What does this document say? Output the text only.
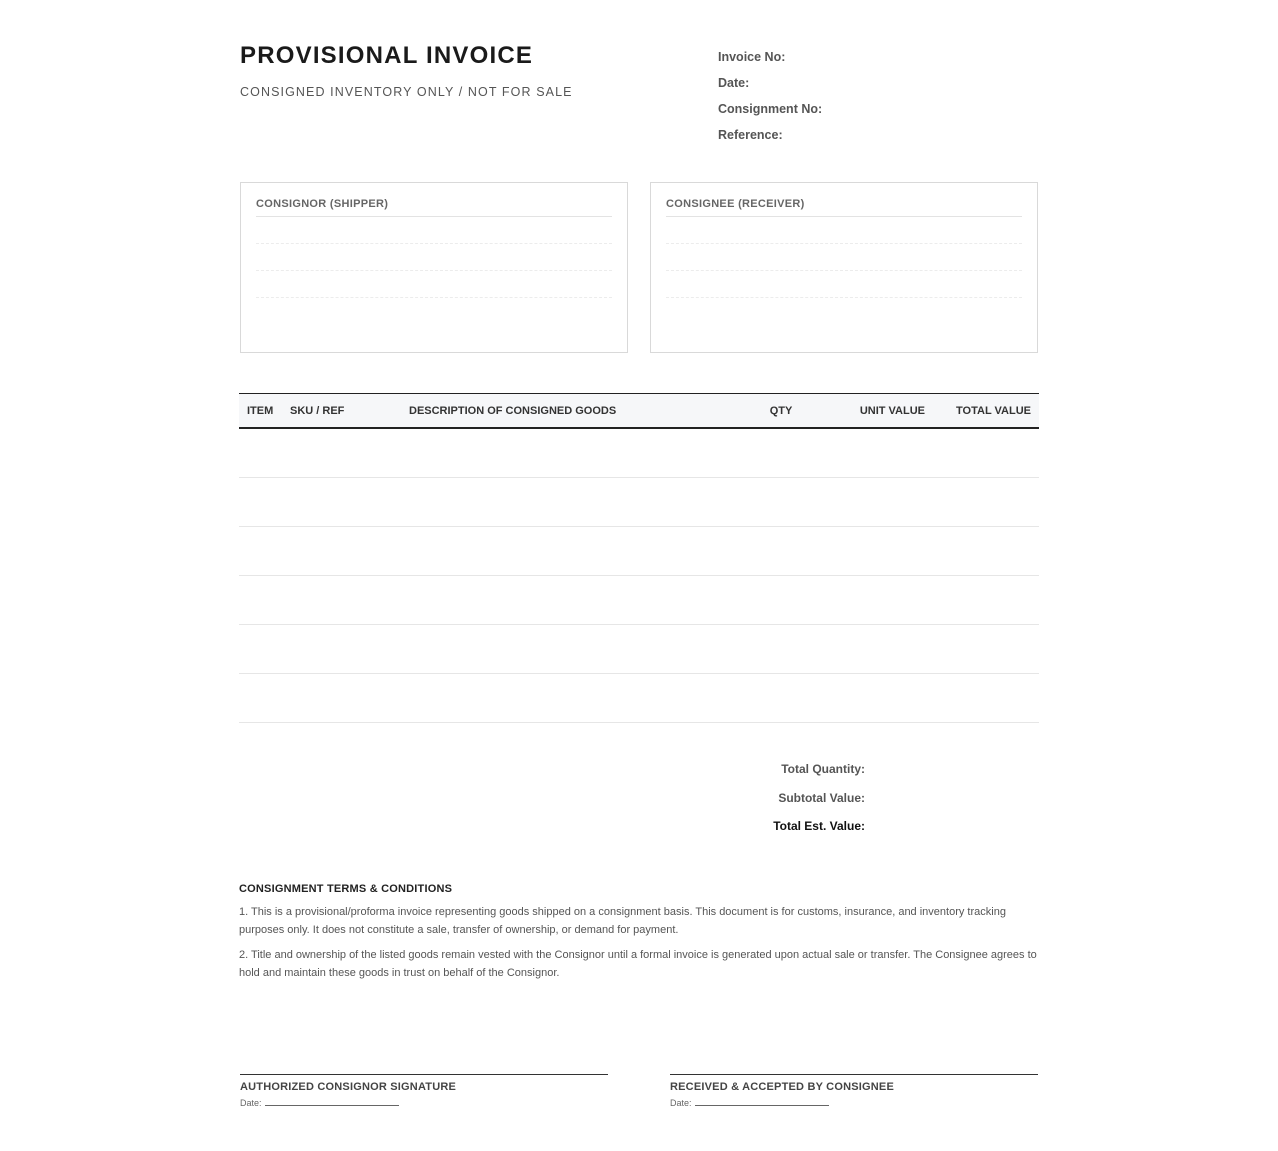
PROVISIONAL INVOICE
CONSIGNED INVENTORY ONLY / NOT FOR SALE
Invoice No:
Date:
Consignment No:
Reference:
CONSIGNOR (SHIPPER)	CONSIGNEE (RECEIVER)
ITEM	SKU / REF	DESCRIPTION OF CONSIGNED GOODS	QTY	UNIT VALUE	TOTAL VALUE

Total Quantity:
Subtotal Value:
Total Est. Value:
CONSIGNMENT TERMS & CONDITIONS

1. This is a provisional/proforma invoice representing goods shipped on a consignment basis. This document is for customs, insurance, and inventory tracking purposes only. It does not constitute a sale, transfer of ownership, or demand for payment.

2. Title and ownership of the listed goods remain vested with the Consignor until a formal invoice is generated upon actual sale or transfer. The Consignee agrees to hold and maintain these goods in trust on behalf of the Consignor.

AUTHORIZED CONSIGNOR SIGNATURE
Date:
RECEIVED & ACCEPTED BY CONSIGNEE
Date:
